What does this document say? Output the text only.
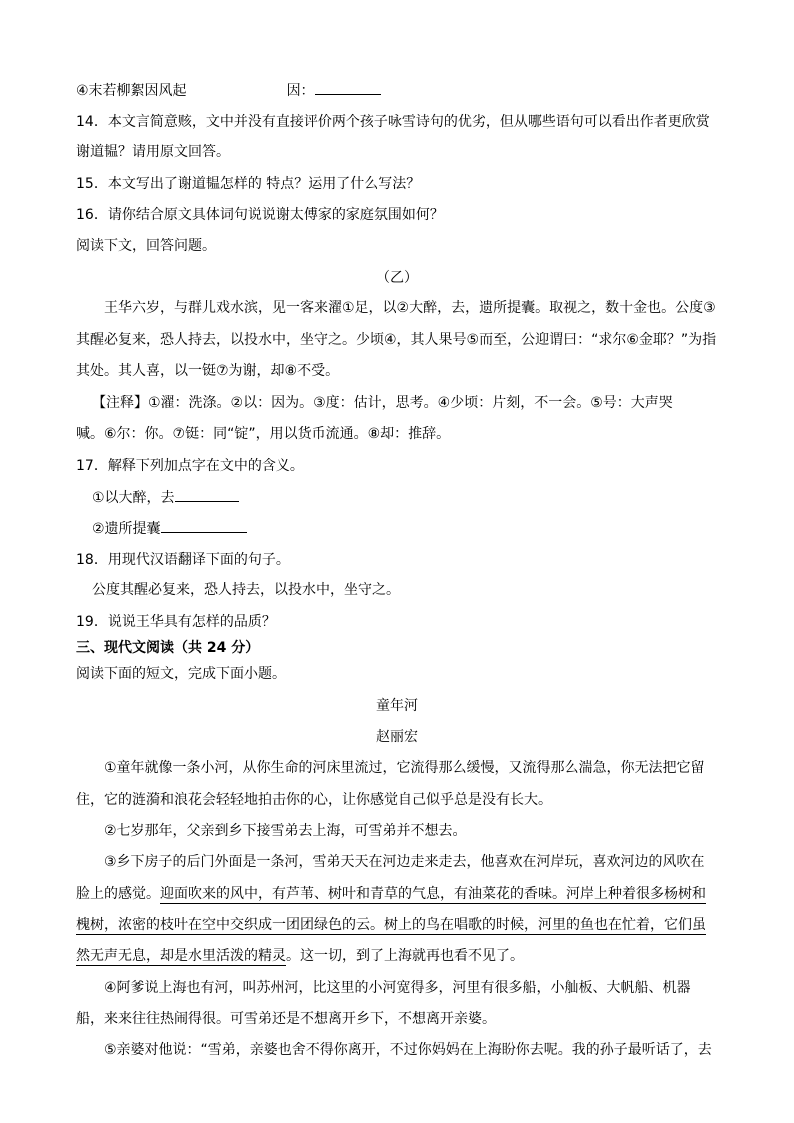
④末若柳絮因风起	因：
14．本文言简意赅，文中并没有直接评价两个孩子咏雪诗句的优劣，但从哪些语句可以看出作者更欣赏
谢道韫？请用原文回答。
15．本文写出了谢道韫怎样的 特点？运用了什么写法？
16．请你结合原文具体词句说说谢太傅家的家庭氛围如何？
阅读下文，回答问题。
（乙）
王华六岁，与群儿戏水滨，见一客来濯①足，以②大醉，去，遗所提囊。取视之，数十金也。公度③
其醒必复来，恐人持去，以投水中，坐守之。少顷④，其人果号⑤而至，公迎谓曰：“求尔⑥金耶？”为指
其处。其人喜，以一铤⑦为谢，却⑧不受。
【注释】①濯：洗涤。②以：因为。③度：估计，思考。④少顷：片刻，不一会。⑤号：大声哭
喊。⑥尔：你。⑦铤：同“锭”，用以货币流通。⑧却：推辞。
17．解释下列加点字在文中的含义。
①以大醉，去
②遗所提囊
18．用现代汉语翻译下面的句子。
公度其醒必复来，恐人持去，以投水中，坐守之。
19．说说王华具有怎样的品质？
三、现代文阅读（共 24 分）
阅读下面的短文，完成下面小题。
童年河
赵丽宏
①童年就像一条小河，从你生命的河床里流过，它流得那么缓慢，又流得那么湍急，你无法把它留
住，它的涟漪和浪花会轻轻地拍击你的心，让你感觉自己似乎总是没有长大。
②七岁那年，父亲到乡下接雪弟去上海，可雪弟并不想去。
③乡下房子的后门外面是一条河，雪弟天天在河边走来走去，他喜欢在河岸玩，喜欢河边的风吹在
脸上的感觉。迎面吹来的风中，有芦苇、树叶和青草的气息，有油菜花的香味。河岸上种着很多杨树和
槐树，浓密的枝叶在空中交织成一团团绿色的云。树上的鸟在唱歌的时候，河里的鱼也在忙着，它们虽
然无声无息，却是水里活泼的精灵。这一切，到了上海就再也看不见了。
④阿爹说上海也有河，叫苏州河，比这里的小河宽得多，河里有很多船，小舢板、大帆船、机器
船，来来往往热闹得很。可雪弟还是不想离开乡下，不想离开亲婆。
⑤亲婆对他说：“雪弟，亲婆也舍不得你离开，不过你妈妈在上海盼你去呢。我的孙子最听话了，去
